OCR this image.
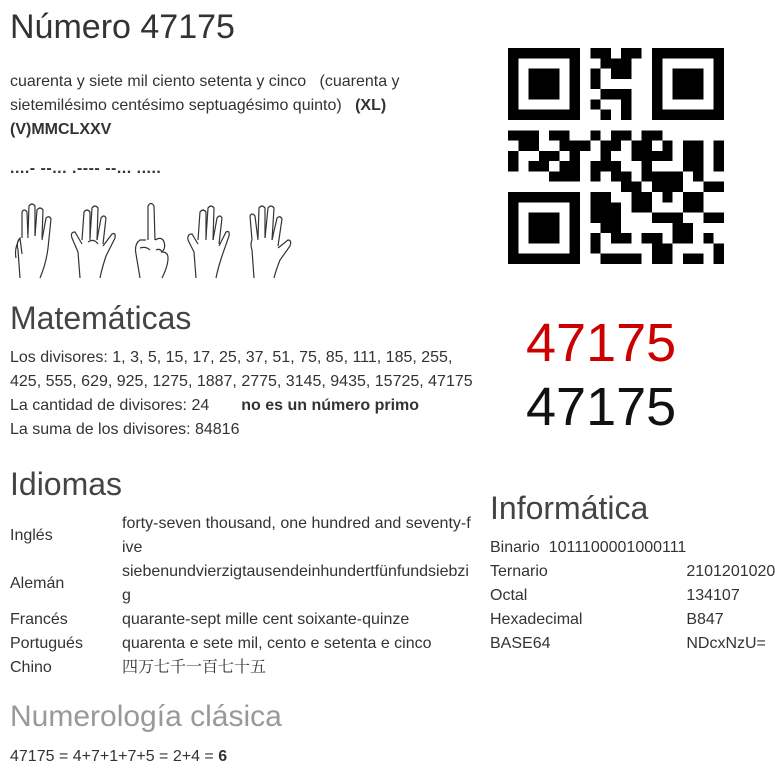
Número 47175
cuarenta y siete mil ciento setenta y cinco (cuarenta y sietemilésimo centésimo septuagésimo quinto) (XL)(V)MMCLXXV
....- --... .---- --... .....
Matemáticas
Los divisores: 1, 3, 5, 15, 17, 25, 37, 51, 75, 85, 111, 185, 255, 425, 555, 629, 925, 1275, 1887, 2775, 3145, 9435, 15725, 47175
La cantidad de divisores: 24 no es un número primo
La suma de los divisores: 84816
47175
47175
Idiomas
Inglés	forty-seven thousand, one hundred and seventy-five
Alemán	siebenundvierzigtausendeinhundertfünfundsiebzig
Francés	quarante-sept mille cent soixante-quinze
Portugués	quarenta e sete mil, cento e setenta e cinco
Chino	四万七千一百七十五
Informática
Binario 1011100001000111	
Ternario	2101201020
Octal	134107
Hexadecimal	B847
BASE64	NDcxNzU=
Numerología clásica
47175 = 4+7+1+7+5 = 2+4 = 6
